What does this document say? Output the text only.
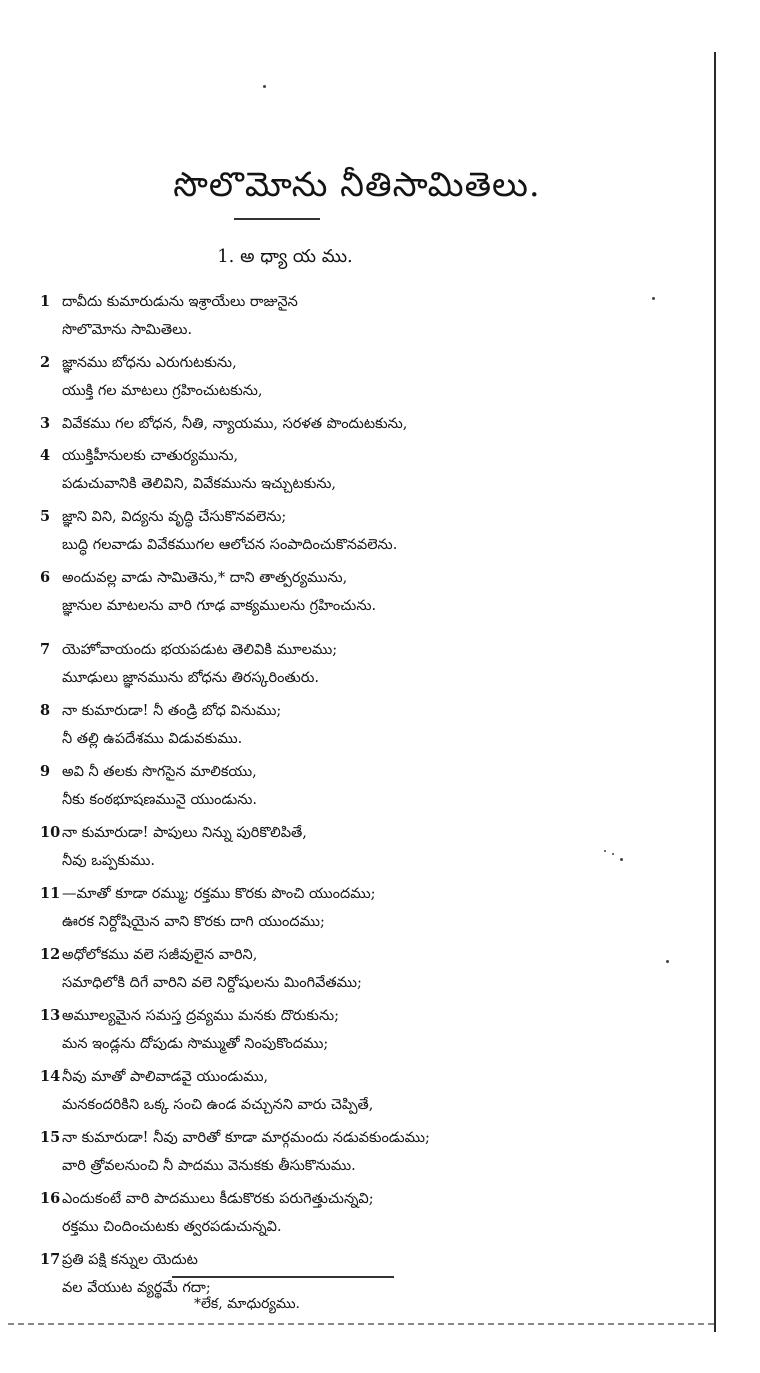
సొలొమోను నీతిసామితెలు.
1. అ ధ్యా య ము.
1 దావీదు కుమారుడును ఇశ్రాయేలు రాజునైన
సొలొమోను సామితెలు.
2 జ్ఞానము బోధను ఎరుగుటకును,
యుక్తి గల మాటలు గ్రహించుటకును,
3 వివేకము గల బోధన, నీతి, న్యాయము, సరళత పొందుటకును,
4 యుక్తిహీనులకు చాతుర్యమును,
పడుచువానికి తెలివిని, వివేకమును ఇచ్చుటకును,
5 జ్ఞాని విని, విద్యను వృద్ధి చేసుకొనవలెను;
బుద్ధి గలవాడు వివేకముగల ఆలోచన సంపాదించుకొనవలెను.
6 అందువల్ల వాడు సామితెను,* దాని తాత్పర్యమును,
జ్ఞానుల మాటలను వారి గూఢ వాక్యములను గ్రహించును.
7 యెహోవాయందు భయపడుట తెలివికి మూలము;
మూఢులు జ్ఞానమును బోధను తిరస్కరింతురు.
8 నా కుమారుడా! నీ తండ్రి బోధ వినుము;
నీ తల్లి ఉపదేశము విడువకుము.
9 అవి నీ తలకు సొగసైన మాలికయు,
నీకు కంఠభూషణమునై యుండును.
10 నా కుమారుడా! పాపులు నిన్ను పురికొలిపితే,
నీవు ఒప్పకుము.
11 —మాతో కూడా రమ్ము; రక్తము కొరకు పొంచి యుందము;
ఊరక నిర్దోషియైన వాని కొరకు దాగి యుందము;
12 అధోలోకము వలె సజీవులైన వారిని,
సమాధిలోకి దిగే వారిని వలె నిర్దోషులను మింగివేతము;
13 అమూల్యమైన సమస్త ద్రవ్యము మనకు దొరుకును;
మన ఇండ్లను దోపుడు సొమ్ముతో నింపుకొందము;
14 నీవు మాతో పాలివాడవై యుండుము,
మనకందరికిని ఒక్క సంచి ఉండ వచ్చునని వారు చెప్పితే,
15 నా కుమారుడా! నీవు వారితో కూడా మార్గమందు నడువకుండుము;
వారి త్రోవలనుంచి నీ పాదము వెనుకకు తీసుకొనుము.
16 ఎందుకంటే వారి పాదములు కీడుకొరకు పరుగెత్తుచున్నవి;
రక్తము చిందించుటకు త్వరపడుచున్నవి.
17 ప్రతి పక్షి కన్నుల యెదుట
వల వేయుట వ్యర్థమే గదా;
*లేక, మాధుర్యము.
